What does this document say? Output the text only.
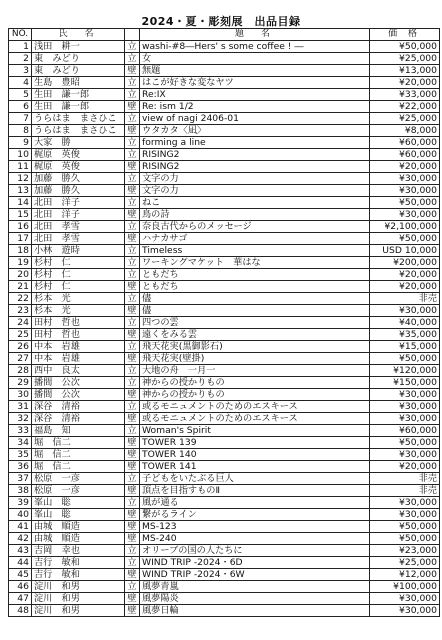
2024・夏・彫刻展　出品目録
NO.	氏　名		題　名	価 格
1	浅田　耕一	立	washi-#8―Hers' s some coffee ! ―	¥50,000
2	東　みどり	立	女	¥25,000
3	東　みどり	壁	無題	¥13,000
4	生島　豊昭	立	はこが好きな変なヤツ	¥20,000
5	生田　謙一郎	立	Re:IX	¥33,000
6	生田　謙一郎	壁	Re: ism 1/2	¥22,000
7	うらはま　まさひこ	立	view of nagi 2406-01	¥25,000
8	うらはま　まさひこ	壁	ウタカタ〈凪〉	¥8,000
9	大家　勝	立	forming a line	¥60,000
10	梶原　英俊	立	RISING2	¥60,000
11	梶原　英俊	壁	RISING2	¥20,000
12	加藤　勝久	立	文字の力	¥30,000
13	加藤　勝久	壁	文字の力	¥30,000
14	北田　洋子	立	ねこ	¥50,000
15	北田　洋子	壁	鳥の詩	¥30,000
16	北田　孝雪	立	奈良古代からのメッセージ	¥2,100,000
17	北田　孝雪	壁	ハナカサゴ	¥50,000
18	小林　遊時	立	Timeless	USD 10,000
19	杉村　仁	立	ワーキングマケット　華はな	¥200,000
20	杉村　仁	立	ともだち	¥20,000
21	杉村　仁	壁	ともだち	¥20,000
22	杉本　光	立	儘	非売
23	杉本　光	壁	儘	¥30,000
24	田村　哲也	立	四つの雲	¥40,000
25	田村　哲也	壁	遠くをみる雲	¥35,000
26	中本　岩雄	立	飛天花実(黒御影石)	¥15,000
27	中本　岩雄	壁	飛天花実(壁掛)	¥50,000
28	西中　良太	立	大地の舟　一月一	¥120,000
29	播間　公次	立	神からの授かりもの	¥150,000
30	播間　公次	壁	神からの授かりもの	¥30,000
31	深谷　清裕	立	或るモニュメントのためのエスキース	¥30,000
32	深谷　清裕	壁	或るモニュメントのためのエスキース	¥30,000
33	福島　知	立	Woman's Spirit	¥60,000
34	堀　信二	壁	TOWER 139	¥50,000
35	堀　信二	壁	TOWER 140	¥30,000
36	堀　信二	壁	TOWER 141	¥20,000
37	松原　一彦	立	子どもをいたぶる巨人	非売
38	松原　一彦	壁	頂点を目指すものⅡ	非売
39	峯山　聡	立	風が通る	¥30,000
40	峯山　聡	壁	繋がるライン	¥30,000
41	由城　順造	壁	MS-123	¥50,000
42	由城　順造	壁	MS-240	¥50,000
43	吉岡　幸也	立	オリーブの国の人たちに	¥23,000
44	吉行　敏和	立	WIND TRIP -2024・6D	¥25,000
45	吉行　敏和	壁	WIND TRIP -2024・6W	¥12,000
46	淀川　和男	立	風夢青嵐	¥100,000
47	淀川　和男	壁	風夢陽炎	¥30,000
48	淀川　和男	壁	風夢日輪	¥30,000
